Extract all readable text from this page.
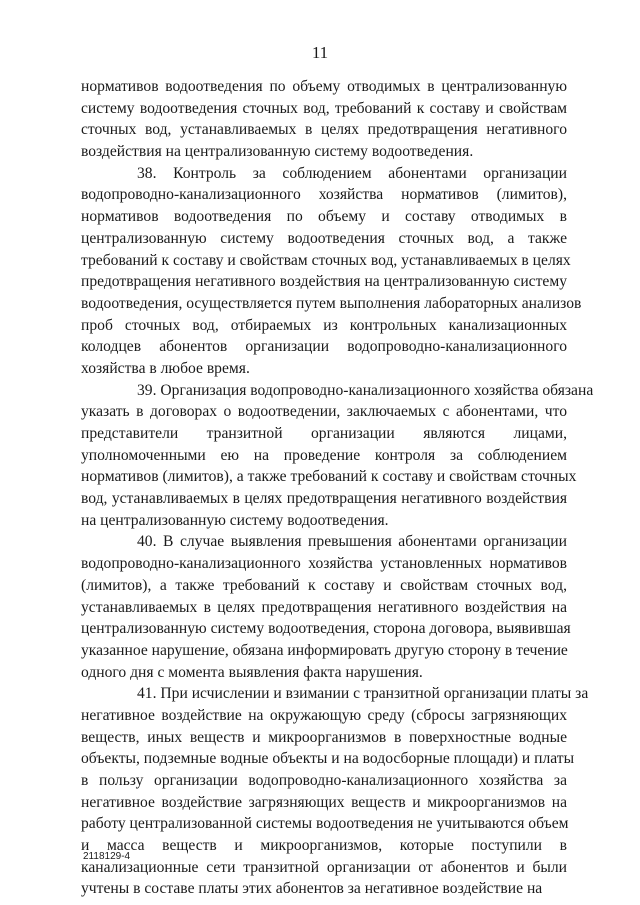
11
нормативов водоотведения по объему отводимых в централизованную
систему водоотведения сточных вод, требований к составу и свойствам
сточных вод, устанавливаемых в целях предотвращения негативного
воздействия на централизованную систему водоотведения.
38. Контроль за соблюдением абонентами организации
водопроводно-канализационного хозяйства нормативов (лимитов),
нормативов водоотведения по объему и составу отводимых в
централизованную систему водоотведения сточных вод, а также
требований к составу и свойствам сточных вод, устанавливаемых в целях
предотвращения негативного воздействия на централизованную систему
водоотведения, осуществляется путем выполнения лабораторных анализов
проб сточных вод, отбираемых из контрольных канализационных
колодцев абонентов организации водопроводно-канализационного
хозяйства в любое время.
39. Организация водопроводно-канализационного хозяйства обязана
указать в договорах о водоотведении, заключаемых с абонентами, что
представители транзитной организации являются лицами,
уполномоченными ею на проведение контроля за соблюдением
нормативов (лимитов), а также требований к составу и свойствам сточных
вод, устанавливаемых в целях предотвращения негативного воздействия
на централизованную систему водоотведения.
40. В случае выявления превышения абонентами организации
водопроводно-канализационного хозяйства установленных нормативов
(лимитов), а также требований к составу и свойствам сточных вод,
устанавливаемых в целях предотвращения негативного воздействия на
централизованную систему водоотведения, сторона договора, выявившая
указанное нарушение, обязана информировать другую сторону в течение
одного дня с момента выявления факта нарушения.
41. При исчислении и взимании с транзитной организации платы за
негативное воздействие на окружающую среду (сбросы загрязняющих
веществ, иных веществ и микроорганизмов в поверхностные водные
объекты, подземные водные объекты и на водосборные площади) и платы
в пользу организации водопроводно-канализационного хозяйства за
негативное воздействие загрязняющих веществ и микроорганизмов на
работу централизованной системы водоотведения не учитываются объем
и масса веществ и микроорганизмов, которые поступили в
канализационные сети транзитной организации от абонентов и были
учтены в составе платы этих абонентов за негативное воздействие на
2118129-4
